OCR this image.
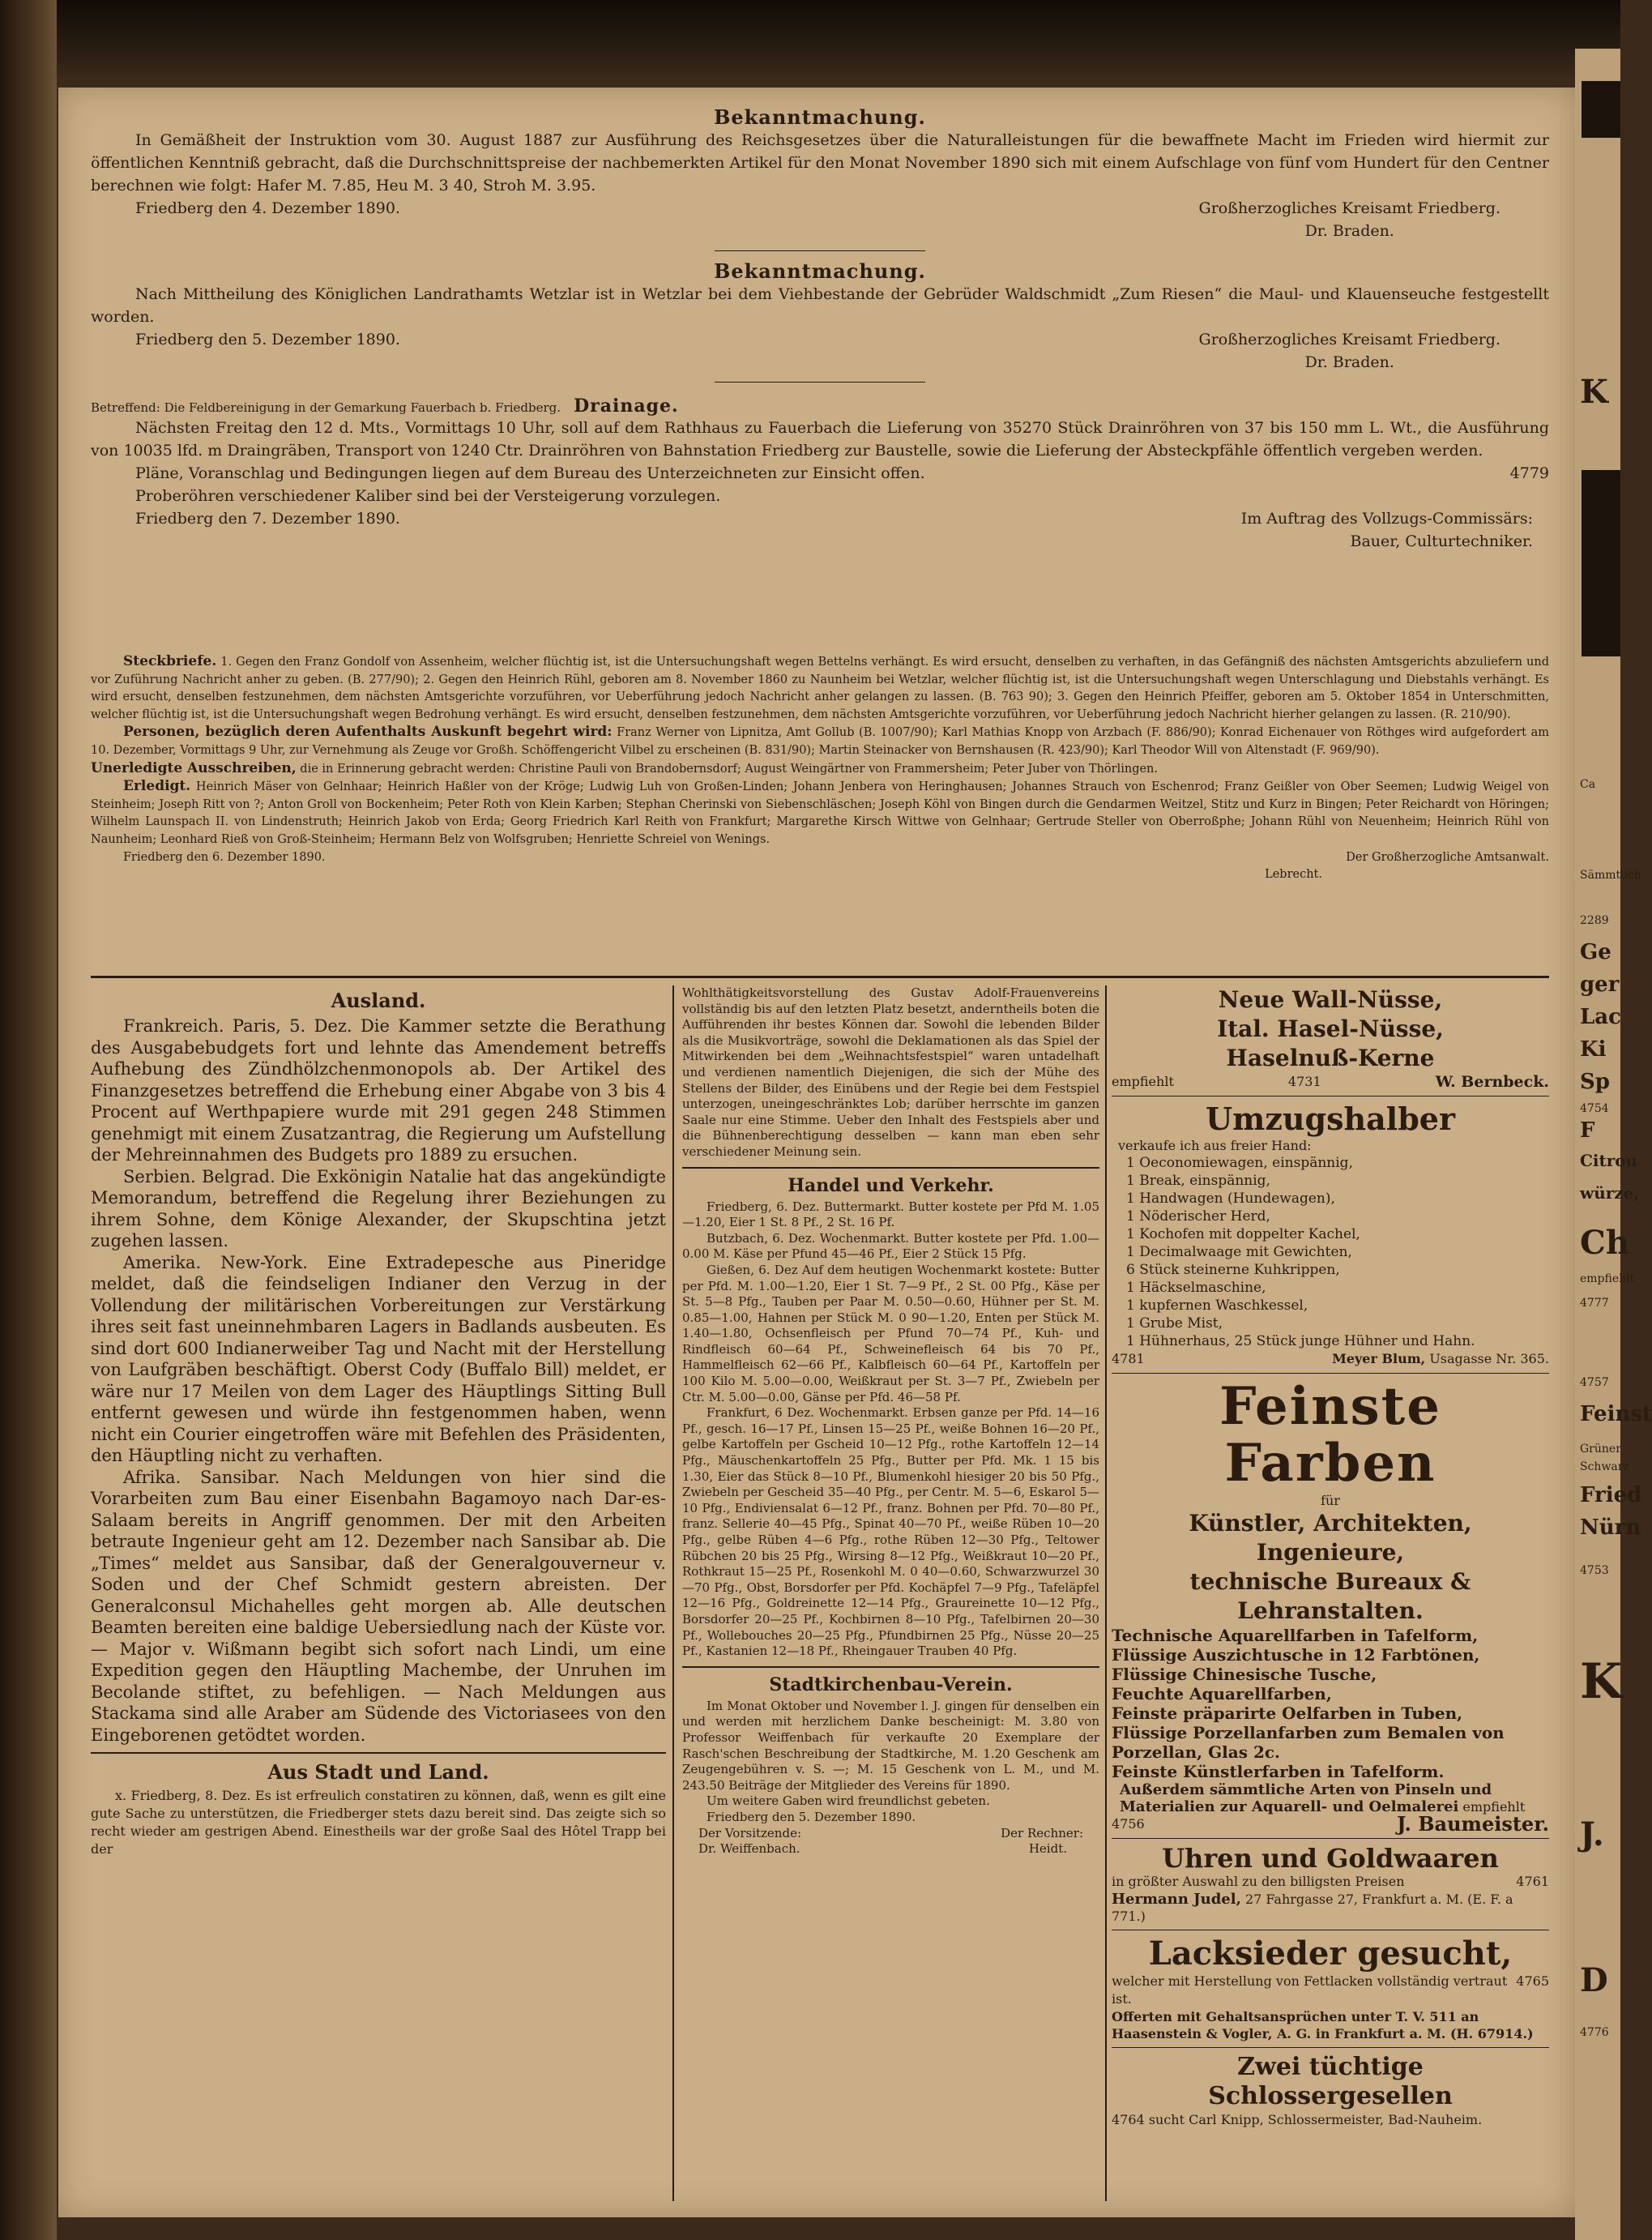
Bekanntmachung.

In Gemäßheit der Instruktion vom 30. August 1887 zur Ausführung des Reichsgesetzes über die Naturalleistungen für die bewaffnete Macht im Frieden wird hiermit zur öffentlichen Kenntniß gebracht, daß die Durchschnittspreise der nachbemerkten Artikel für den Monat November 1890 sich mit einem Aufschlage von fünf vom Hundert für den Centner berechnen wie folgt: Hafer M. 7.85, Heu M. 3 40, Stroh M. 3.95.

Friedberg den 4. Dezember 1890.	Großherzogliches Kreisamt Friedberg.
Dr. Braden.
Bekanntmachung.

Nach Mittheilung des Königlichen Landrathamts Wetzlar ist in Wetzlar bei dem Viehbestande der Gebrüder Waldschmidt „Zum Riesen“ die Maul- und Klauenseuche festgestellt worden.

Friedberg den 5. Dezember 1890.	Großherzogliches Kreisamt Friedberg.
Dr. Braden.
Betreffend: Die Feldbereinigung in der Gemarkung Fauerbach b. Friedberg. Drainage.

Nächsten Freitag den 12 d. Mts., Vormittags 10 Uhr, soll auf dem Rathhaus zu Fauerbach die Lieferung von 35270 Stück Drainröhren von 37 bis 150 mm L. Wt., die Ausführung von 10035 lfd. m Draingräben, Transport von 1240 Ctr. Drainröhren von Bahnstation Friedberg zur Baustelle, sowie die Lieferung der Absteckpfähle öffentlich vergeben werden.

Pläne, Voranschlag und Bedingungen liegen auf dem Bureau des Unterzeichneten zur Einsicht offen.	4779

Proberöhren verschiedener Kaliber sind bei der Versteigerung vorzulegen.

Friedberg den 7. Dezember 1890.	Im Auftrag des Vollzugs-Commissärs:
Bauer, Culturtechniker.

Steckbriefe. 1. Gegen den Franz Gondolf von Assenheim, welcher flüchtig ist, ist die Untersuchungshaft wegen Bettelns verhängt. Es wird ersucht, denselben zu verhaften, in das Gefängniß des nächsten Amtsgerichts abzuliefern und vor Zuführung Nachricht anher zu geben. (B. 277/90); 2. Gegen den Heinrich Rühl, geboren am 8. November 1860 zu Naunheim bei Wetzlar, welcher flüchtig ist, ist die Untersuchungshaft wegen Unterschlagung und Diebstahls verhängt. Es wird ersucht, denselben festzunehmen, dem nächsten Amtsgerichte vorzuführen, vor Ueberführung jedoch Nachricht anher gelangen zu lassen. (B. 763 90); 3. Gegen den Heinrich Pfeiffer, geboren am 5. Oktober 1854 in Unterschmitten, welcher flüchtig ist, ist die Untersuchungshaft wegen Bedrohung verhängt. Es wird ersucht, denselben festzunehmen, dem nächsten Amtsgerichte vorzuführen, vor Ueberführung jedoch Nachricht hierher gelangen zu lassen. (R. 210/90).

Personen, bezüglich deren Aufenthalts Auskunft begehrt wird: Franz Werner von Lipnitza, Amt Gollub (B. 1007/90); Karl Mathias Knopp von Arzbach (F. 886/90); Konrad Eichenauer von Röthges wird aufgefordert am 10. Dezember, Vormittags 9 Uhr, zur Vernehmung als Zeuge vor Großh. Schöffengericht Vilbel zu erscheinen (B. 831/90); Martin Steinacker von Bernshausen (R. 423/90); Karl Theodor Will von Altenstadt (F. 969/90).

Unerledigte Ausschreiben, die in Erinnerung gebracht werden: Christine Pauli von Brandobernsdorf; August Weingärtner von Frammersheim; Peter Juber von Thörlingen.

Erledigt. Heinrich Mäser von Gelnhaar; Heinrich Haßler von der Kröge; Ludwig Luh von Großen-Linden; Johann Jenbera von Heringhausen; Johannes Strauch von Eschenrod; Franz Geißler von Ober Seemen; Ludwig Weigel von Steinheim; Joseph Ritt von ?; Anton Groll von Bockenheim; Peter Roth von Klein Karben; Stephan Cherinski von Siebenschläschen; Joseph Köhl von Bingen durch die Gendarmen Weitzel, Stitz und Kurz in Bingen; Peter Reichardt von Höringen; Wilhelm Launspach II. von Lindenstruth; Heinrich Jakob von Erda; Georg Friedrich Karl Reith von Frankfurt; Margarethe Kirsch Wittwe von Gelnhaar; Gertrude Steller von Oberroßphe; Johann Rühl von Neuenheim; Heinrich Rühl von Naunheim; Leonhard Rieß von Groß-Steinheim; Hermann Belz von Wolfsgruben; Henriette Schreiel von Wenings.

Friedberg den 6. Dezember 1890.	Der Großherzogliche Amtsanwalt.
Lebrecht.
Ausland.

Frankreich. Paris, 5. Dez. Die Kammer setzte die Berathung des Ausgabebudgets fort und lehnte das Amendement betreffs Aufhebung des Zündhölzchenmonopols ab. Der Artikel des Finanzgesetzes betreffend die Erhebung einer Abgabe von 3 bis 4 Procent auf Werthpapiere wurde mit 291 gegen 248 Stimmen genehmigt mit einem Zusatzantrag, die Regierung um Aufstellung der Mehreinnahmen des Budgets pro 1889 zu ersuchen.

Serbien. Belgrad. Die Exkönigin Natalie hat das angekündigte Memorandum, betreffend die Regelung ihrer Beziehungen zu ihrem Sohne, dem Könige Alexander, der Skupschtina jetzt zugehen lassen.

Amerika. New-York. Eine Extradepesche aus Pineridge meldet, daß die feindseligen Indianer den Verzug in der Vollendung der militärischen Vorbereitungen zur Verstärkung ihres seit fast uneinnehmbaren Lagers in Badlands ausbeuten. Es sind dort 600 Indianerweiber Tag und Nacht mit der Herstellung von Laufgräben beschäftigt. Oberst Cody (Buffalo Bill) meldet, er wäre nur 17 Meilen von dem Lager des Häuptlings Sitting Bull entfernt gewesen und würde ihn festgenommen haben, wenn nicht ein Courier eingetroffen wäre mit Befehlen des Präsidenten, den Häuptling nicht zu verhaften.

Afrika. Sansibar. Nach Meldungen von hier sind die Vorarbeiten zum Bau einer Eisenbahn Bagamoyo nach Dar-es-Salaam bereits in Angriff genommen. Der mit den Arbeiten betraute Ingenieur geht am 12. Dezember nach Sansibar ab. Die „Times“ meldet aus Sansibar, daß der Generalgouverneur v. Soden und der Chef Schmidt gestern abreisten. Der Generalconsul Michahelles geht morgen ab. Alle deutschen Beamten bereiten eine baldige Uebersiedlung nach der Küste vor. — Major v. Wißmann begibt sich sofort nach Lindi, um eine Expedition gegen den Häuptling Machembe, der Unruhen im Becolande stiftet, zu befehligen. — Nach Meldungen aus Stackama sind alle Araber am Südende des Victoriasees von den Eingeborenen getödtet worden.

Aus Stadt und Land.

x. Friedberg, 8. Dez. Es ist erfreulich constatiren zu können, daß, wenn es gilt eine gute Sache zu unterstützen, die Friedberger stets dazu bereit sind. Das zeigte sich so recht wieder am gestrigen Abend. Einestheils war der große Saal des Hôtel Trapp bei der

Wohlthätigkeitsvorstellung des Gustav Adolf-Frauenvereins vollständig bis auf den letzten Platz besetzt, anderntheils boten die Aufführenden ihr bestes Können dar. Sowohl die lebenden Bilder als die Musikvorträge, sowohl die Deklamationen als das Spiel der Mitwirkenden bei dem „Weihnachtsfestspiel“ waren untadelhaft und verdienen namentlich Diejenigen, die sich der Mühe des Stellens der Bilder, des Einübens und der Regie bei dem Festspiel unterzogen, uneingeschränktes Lob; darüber herrschte im ganzen Saale nur eine Stimme. Ueber den Inhalt des Festspiels aber und die Bühnenberechtigung desselben — kann man eben sehr verschiedener Meinung sein.

Handel und Verkehr.

Friedberg, 6. Dez. Buttermarkt. Butter kostete per Pfd M. 1.05—1.20, Eier 1 St. 8 Pf., 2 St. 16 Pf.

Butzbach, 6. Dez. Wochenmarkt. Butter kostete per Pfd. 1.00—0.00 M. Käse per Pfund 45—46 Pf., Eier 2 Stück 15 Pfg.

Gießen, 6. Dez Auf dem heutigen Wochenmarkt kostete: Butter per Pfd. M. 1.00—1.20, Eier 1 St. 7—9 Pf., 2 St. 00 Pfg., Käse per St. 5—8 Pfg., Tauben per Paar M. 0.50—0.60, Hühner per St. M. 0.85—1.00, Hahnen per Stück M. 0 90—1.20, Enten per Stück M. 1.40—1.80, Ochsenfleisch per Pfund 70—74 Pf., Kuh- und Rindfleisch 60—64 Pf., Schweinefleisch 64 bis 70 Pf., Hammelfleisch 62—66 Pf., Kalbfleisch 60—64 Pf., Kartoffeln per 100 Kilo M. 5.00—0.00, Weißkraut per St. 3—7 Pf., Zwiebeln per Ctr. M. 5.00—0.00, Gänse per Pfd. 46—58 Pf.

Frankfurt, 6 Dez. Wochenmarkt. Erbsen ganze per Pfd. 14—16 Pf., gesch. 16—17 Pf., Linsen 15—25 Pf., weiße Bohnen 16—20 Pf., gelbe Kartoffeln per Gscheid 10—12 Pfg., rothe Kartoffeln 12—14 Pfg., Mäuschenkartoffeln 25 Pfg., Butter per Pfd. Mk. 1 15 bis 1.30, Eier das Stück 8—10 Pf., Blumenkohl hiesiger 20 bis 50 Pfg., Zwiebeln per Gescheid 35—40 Pfg., per Centr. M. 5—6, Eskarol 5—10 Pfg., Endiviensalat 6—12 Pf., franz. Bohnen per Pfd. 70—80 Pf., franz. Sellerie 40—45 Pfg., Spinat 40—70 Pf., weiße Rüben 10—20 Pfg., gelbe Rüben 4—6 Pfg., rothe Rüben 12—30 Pfg., Teltower Rübchen 20 bis 25 Pfg., Wirsing 8—12 Pfg., Weißkraut 10—20 Pf., Rothkraut 15—25 Pf., Rosenkohl M. 0 40—0.60, Schwarzwurzel 30—70 Pfg., Obst, Borsdorfer per Pfd. Kochäpfel 7—9 Pfg., Tafeläpfel 12—16 Pfg., Goldreinette 12—14 Pfg., Graureinette 10—12 Pfg., Borsdorfer 20—25 Pf., Kochbirnen 8—10 Pfg., Tafelbirnen 20—30 Pf., Wollebouches 20—25 Pfg., Pfundbirnen 25 Pfg., Nüsse 20—25 Pf., Kastanien 12—18 Pf., Rheingauer Trauben 40 Pfg.

Stadtkirchenbau-Verein.

Im Monat Oktober und November l. J. gingen für denselben ein und werden mit herzlichem Danke bescheinigt: M. 3.80 von Professor Weiffenbach für verkaufte 20 Exemplare der Rasch'schen Beschreibung der Stadtkirche, M. 1.20 Geschenk am Zeugengebühren v. S. —; M. 15 Geschenk von L. M., und M. 243.50 Beiträge der Mitglieder des Vereins für 1890.

Um weitere Gaben wird freundlichst gebeten.

Friedberg den 5. Dezember 1890.

Der Vorsitzende:	Der Rechner:
Dr. Weiffenbach.	Heidt.
Neue Wall-Nüsse,
Ital. Hasel-Nüsse,
Haselnuß-Kerne
empfiehlt	4731	W. Bernbeck.
Umzugshalber
verkaufe ich aus freier Hand:
1 Oeconomiewagen, einspännig,
1 Break, einspännig,
1 Handwagen (Hundewagen),
1 Nöderischer Herd,
1 Kochofen mit doppelter Kachel,
1 Decimalwaage mit Gewichten,
6 Stück steinerne Kuhkrippen,
1 Häckselmaschine,
1 kupfernen Waschkessel,
1 Grube Mist,
1 Hühnerhaus, 25 Stück junge Hühner und Hahn.
4781	Meyer Blum, Usagasse Nr. 365.
Feinste Farben
für
Künstler, Architekten, Ingenieure,
technische Bureaux & Lehranstalten.
Technische Aquarellfarben in Tafelform,
Flüssige Auszichtusche in 12 Farbtönen,
Flüssige Chinesische Tusche,
Feuchte Aquarellfarben,
Feinste präparirte Oelfarben in Tuben,
Flüssige Porzellanfarben zum Bemalen von Porzellan, Glas 2c.
Feinste Künstlerfarben in Tafelform.
Außerdem sämmtliche Arten von Pinseln und Materialien zur Aquarell- und Oelmalerei empfiehlt
4756	J. Baumeister.
Uhren und Goldwaaren
in größter Auswahl zu den billigsten Preisen	4761
Hermann Judel, 27 Fahrgasse 27, Frankfurt a. M. (E. F. a 771.)
Lacksieder gesucht,
welcher mit Herstellung von Fettlacken vollständig vertraut ist.
4765
Offerten mit Gehaltsansprüchen unter T. V. 511 an Haasenstein & Vogler, A. G. in Frankfurt a. M. (H. 67914.)
Zwei tüchtige Schlossergesellen
4764 sucht Carl Knipp, Schlossermeister, Bad-Nauheim.
K
Ca
Sämmtlich
2289
Ge
ger
Lac
Ki
Sp
4754
F
Citrou
würze,
Ch
empfiehlt
4777
4757
Feinst
Grüner
Schwarz
Fried
Nürn
4753
K
J.
D
4776
